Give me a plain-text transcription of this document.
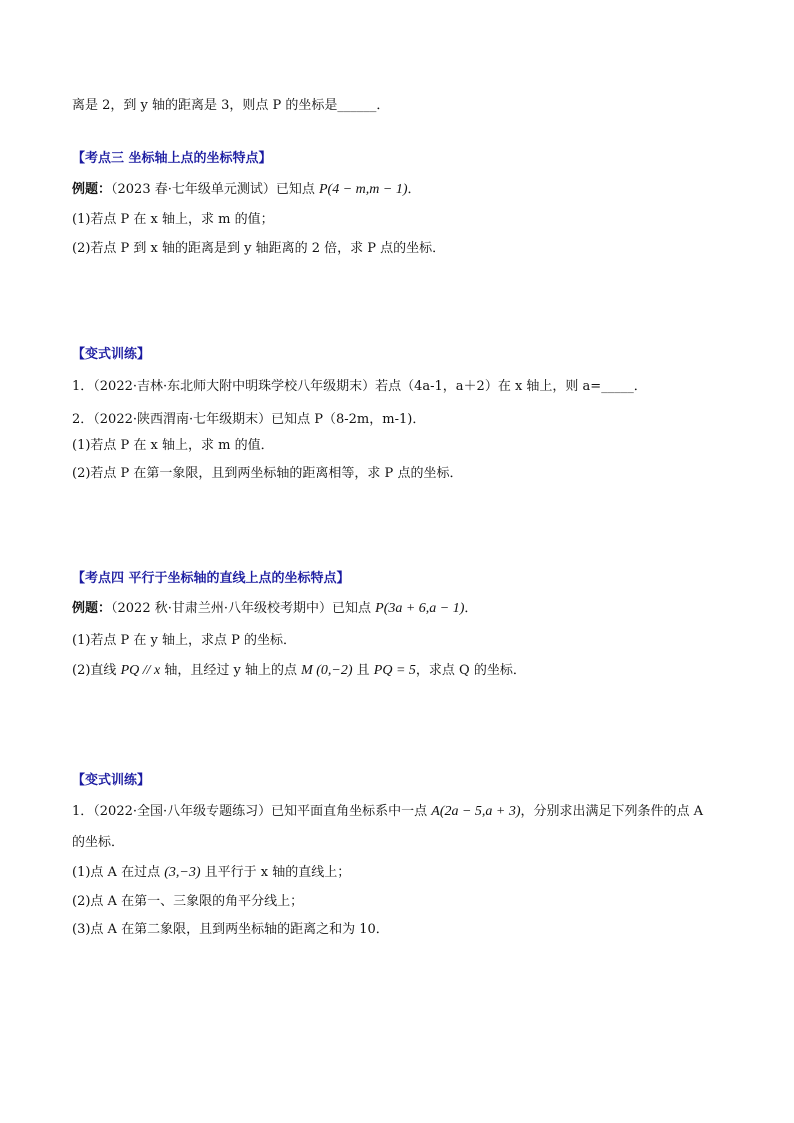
离是 2，到 y 轴的距离是 3，则点 P 的坐标是______．
【考点三 坐标轴上点的坐标特点】
例题：（2023 春·七年级单元测试）已知点 P(4 − m,m − 1)．
(1)若点 P 在 x 轴上，求 m 的值；
(2)若点 P 到 x 轴的距离是到 y 轴距离的 2 倍，求 P 点的坐标．
【变式训练】
1．（2022·吉林·东北师大附中明珠学校八年级期末）若点（4a-1，a＋2）在 x 轴上，则 a=_____．
2．（2022·陕西渭南·七年级期末）已知点 P（8-2m，m-1)．
(1)若点 P 在 x 轴上，求 m 的值．
(2)若点 P 在第一象限，且到两坐标轴的距离相等，求 P 点的坐标．
【考点四 平行于坐标轴的直线上点的坐标特点】
例题：（2022 秋·甘肃兰州·八年级校考期中）已知点 P(3a + 6,a − 1)．
(1)若点 P 在 y 轴上，求点 P 的坐标．
(2)直线 PQ // x 轴，且经过 y 轴上的点 M (0,−2) 且 PQ = 5，求点 Q 的坐标．
【变式训练】
1．（2022·全国·八年级专题练习）已知平面直角坐标系中一点 A(2a − 5,a + 3)，分别求出满足下列条件的点 A
的坐标．
(1)点 A 在过点 (3,−3) 且平行于 x 轴的直线上；
(2)点 A 在第一、三象限的角平分线上；
(3)点 A 在第二象限，且到两坐标轴的距离之和为 10．
